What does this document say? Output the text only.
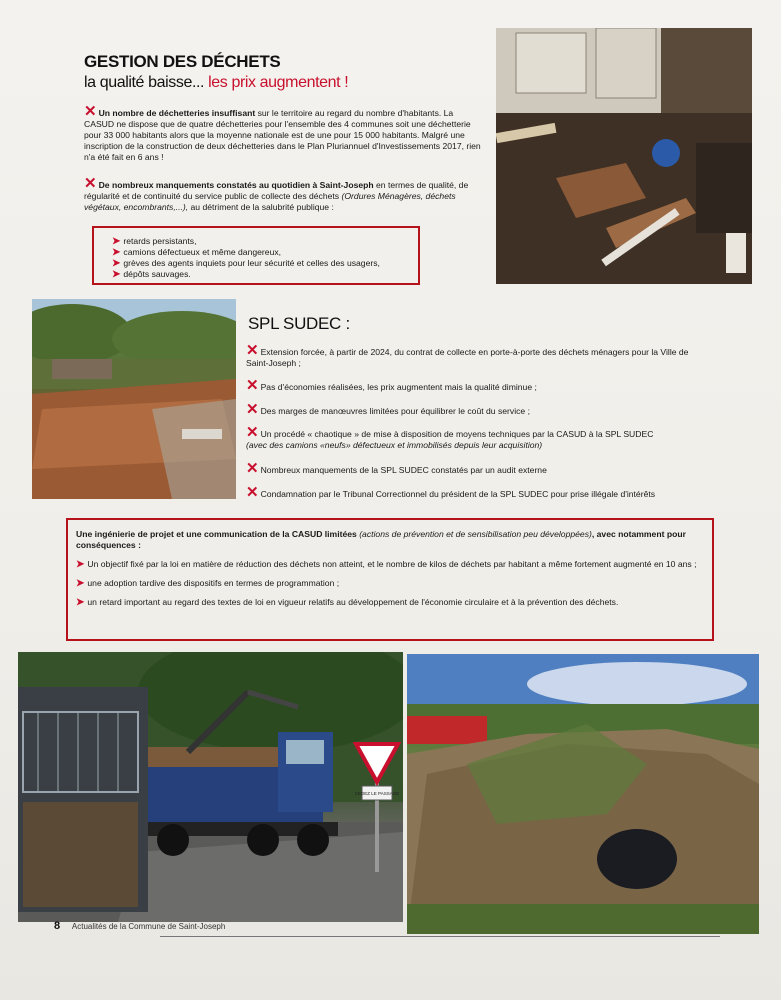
GESTION DES DÉCHETS
la qualité baisse... les prix augmentent !
✕ Un nombre de déchetteries insuffisant sur le territoire au regard du nombre d'habitants. La CASUD ne dispose que de quatre déchetteries pour l'ensemble des 4 communes soit une déchetterie pour 33 000 habitants alors que la moyenne nationale est de une pour 15 000 habitants. Malgré une inscription de la construction de deux déchetteries dans le Plan Pluriannuel d'Investissements 2017, rien n'a été fait en 6 ans !
✕ De nombreux manquements constatés au quotidien à Saint-Joseph en termes de qualité, de régularité et de continuité du service public de collecte des déchets (Ordures Ménagères, déchets végétaux, encombrants,...), au détriment de la salubrité publique :
➤ retards persistants,
➤ camions défectueux et même dangereux,
➤ grèves des agents inquiets pour leur sécurité et celles des usagers,
➤ dépôts sauvages.
SPL SUDEC :
✕ Extension forcée, à partir de 2024, du contrat de collecte en porte-à-porte des déchets ménagers pour la Ville de Saint-Joseph ;
✕ Pas d'économies réalisées, les prix augmentent mais la qualité diminue ;
✕ Des marges de manœuvres limitées pour équilibrer le coût du service ;
✕ Un procédé « chaotique » de mise à disposition de moyens techniques par la CASUD à la SPL SUDEC
(avec des camions «neufs» défectueux et immobilisés depuis leur acquisition)
✕ Nombreux manquements de la SPL SUDEC constatés par un audit externe
✕ Condamnation par le Tribunal Correctionnel du président de la SPL SUDEC pour prise illégale d'intérêts
Une ingénierie de projet et une communication de la CASUD limitées (actions de prévention et de sensibilisation peu développées), avec notamment pour conséquences :
➤ Un objectif fixé par la loi en matière de réduction des déchets non atteint, et le nombre de kilos de déchets par habitant a même fortement augmenté en 10 ans ;
➤ une adoption tardive des dispositifs en termes de programmation ;
➤ un retard important au regard des textes de loi en vigueur relatifs au développement de l'économie circulaire et à la prévention des déchets.
CÉDEZ LE PASSAGE
8 Actualités de la Commune de Saint-Joseph
